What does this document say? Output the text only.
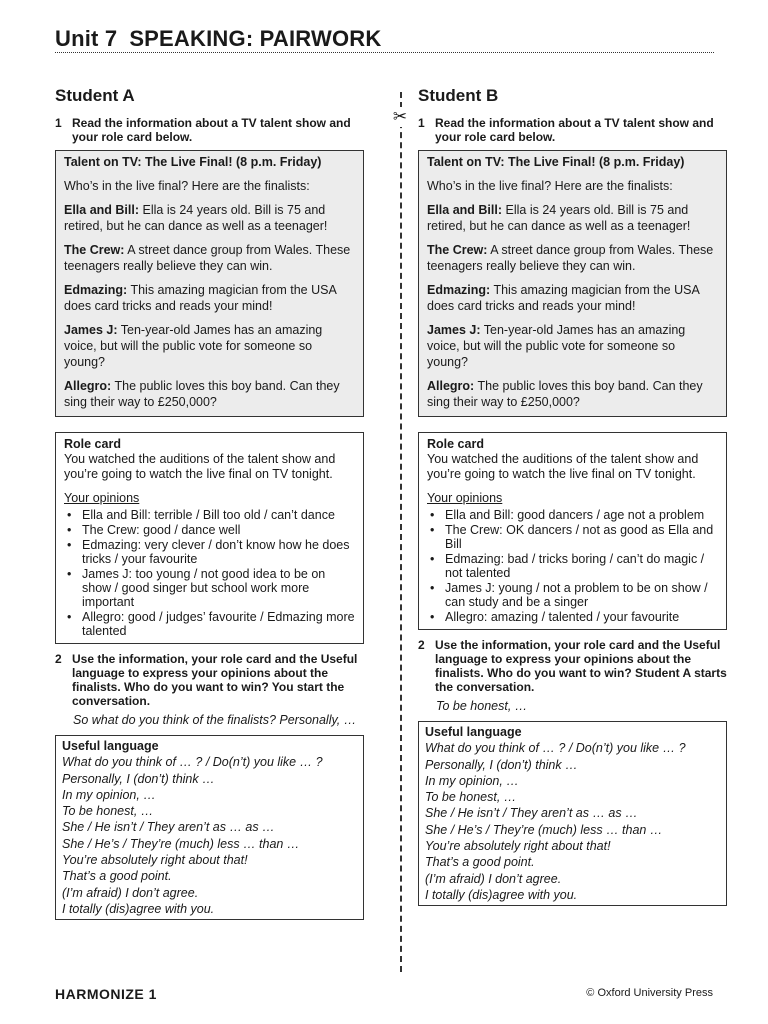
Unit 7 SPEAKING: PAIRWORK
✂
Student A
1 Read the information about a TV talent show and your role card below.

Talent on TV: The Live Final! (8 p.m. Friday)

Who’s in the live final? Here are the finalists:

Ella and Bill: Ella is 24 years old. Bill is 75 and retired, but he can dance as well as a teenager!

The Crew: A street dance group from Wales. These teenagers really believe they can win.

Edmazing: This amazing magician from the USA does card tricks and reads your mind!

James J: Ten-year-old James has an amazing voice, but will the public vote for someone so young?

Allegro: The public loves this boy band. Can they sing their way to £250,000?

Role card
You watched the auditions of the talent show and you’re going to watch the live final on TV tonight.
Your opinions
• Ella and Bill: terrible / Bill too old / can’t dance
• The Crew: good / dance well
• Edmazing: very clever / don’t know how he does tricks / your favourite
• James J: too young / not good idea to be on show / good singer but school work more important
• Allegro: good / judges’ favourite / Edmazing more talented
2 Use the information, your role card and the Useful language to express your opinions about the finalists. Who do you want to win? You start the conversation.
So what do you think of the finalists? Personally, …
Useful language
What do you think of … ? / Do(n’t) you like … ?
Personally, I (don’t) think …
In my opinion, …
To be honest, …
She / He isn’t / They aren’t as … as …
She / He’s / They’re (much) less … than …
You’re absolutely right about that!
That’s a good point.
(I’m afraid) I don’t agree.
I totally (dis)agree with you.
Student B
1 Read the information about a TV talent show and your role card below.

Talent on TV: The Live Final! (8 p.m. Friday)

Who’s in the live final? Here are the finalists:

Ella and Bill: Ella is 24 years old. Bill is 75 and retired, but he can dance as well as a teenager!

The Crew: A street dance group from Wales. These teenagers really believe they can win.

Edmazing: This amazing magician from the USA does card tricks and reads your mind!

James J: Ten-year-old James has an amazing voice, but will the public vote for someone so young?

Allegro: The public loves this boy band. Can they sing their way to £250,000?

Role card
You watched the auditions of the talent show and you’re going to watch the live final on TV tonight.
Your opinions
• Ella and Bill: good dancers / age not a problem
• The Crew: OK dancers / not as good as Ella and Bill
• Edmazing: bad / tricks boring / can’t do magic / not talented
• James J: young / not a problem to be on show / can study and be a singer
• Allegro: amazing / talented / your favourite
2 Use the information, your role card and the Useful language to express your opinions about the finalists. Who do you want to win? Student A starts the conversation.
To be honest, …
Useful language
What do you think of … ? / Do(n’t) you like … ?
Personally, I (don’t) think …
In my opinion, …
To be honest, …
She / He isn’t / They aren’t as … as …
She / He’s / They’re (much) less … than …
You’re absolutely right about that!
That’s a good point.
(I’m afraid) I don’t agree.
I totally (dis)agree with you.
HARMONIZE 1	© Oxford University Press
